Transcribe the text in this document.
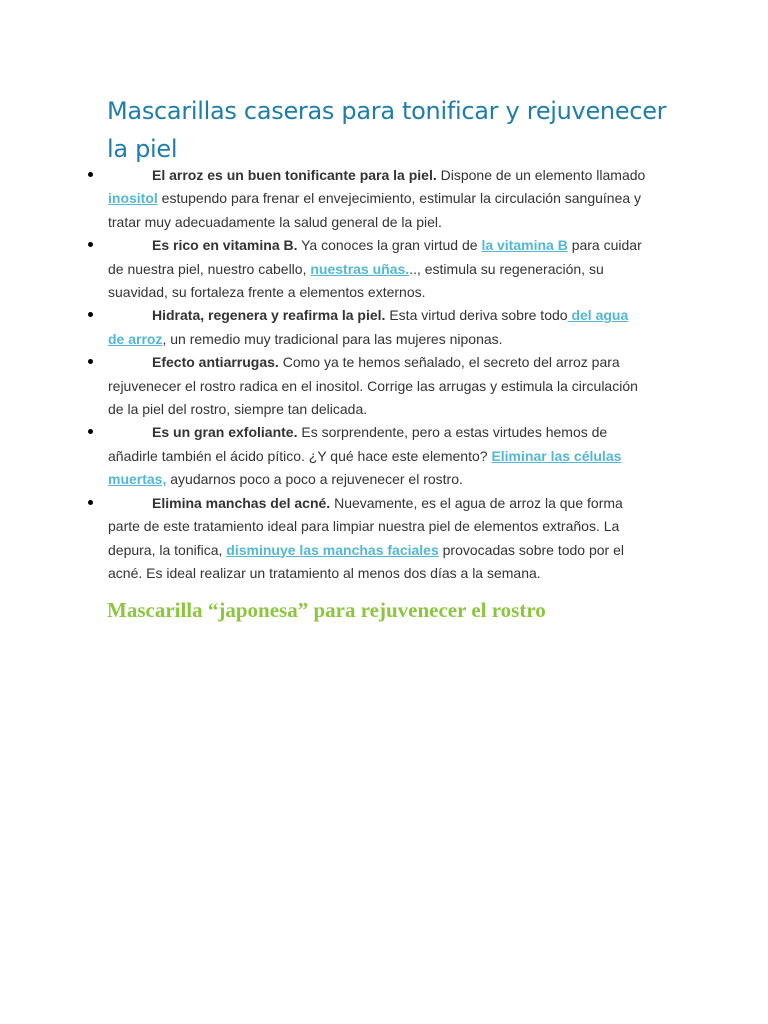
Mascarillas caseras para tonificar y rejuvenecer la piel
El arroz es un buen tonificante para la piel. Dispone de un elemento llamado inositol estupendo para frenar el envejecimiento, estimular la circulación sanguínea y tratar muy adecuadamente la salud general de la piel.
Es rico en vitamina B. Ya conoces la gran virtud de la vitamina B para cuidar de nuestra piel, nuestro cabello, nuestras uñas..., estimula su regeneración, su suavidad, su fortaleza frente a elementos externos.
Hidrata, regenera y reafirma la piel. Esta virtud deriva sobre todo del agua de arroz, un remedio muy tradicional para las mujeres niponas.
Efecto antiarrugas. Como ya te hemos señalado, el secreto del arroz para rejuvenecer el rostro radica en el inositol. Corrige las arrugas y estimula la circulación de la piel del rostro, siempre tan delicada.
Es un gran exfoliante. Es sorprendente, pero a estas virtudes hemos de añadirle también el ácido pítico. ¿Y qué hace este elemento? Eliminar las células muertas, ayudarnos poco a poco a rejuvenecer el rostro.
Elimina manchas del acné. Nuevamente, es el agua de arroz la que forma parte de este tratamiento ideal para limpiar nuestra piel de elementos extraños. La depura, la tonifica, disminuye las manchas faciales provocadas sobre todo por el acné. Es ideal realizar un tratamiento al menos dos días a la semana.
Mascarilla “japonesa” para rejuvenecer el rostro
